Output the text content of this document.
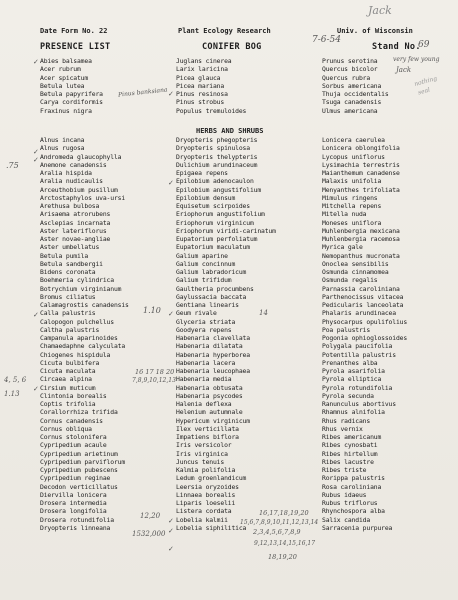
Date Form No. 22	Plant Ecology Research	Univ. of Wisconsin
PRESENCE LIST	CONIFER BOG	Stand No.
Abies balsamea
Acer rubrum
Acer spicatum
Betula lutea
Betula papyrifera
Carya cordiformis
Fraxinus nigra
Juglans cinerea
Larix laricina
Picea glauca
Picea mariana
Pinus resinosa
Pinus strobus
Populus tremuloides
Prunus serotina
Quercus bicolor
Quercus rubra
Sorbus americana
Thuja occidentalis
Tsuga canadensis
Ulmus americana
HERBS AND SHRUBS
Alnus incana
Alnus rugosa
Andromeda glaucophylla
Anemone canadensis
Aralia hispida
Aralia nudicaulis
Arceuthobium pusillum
Arctostaphylos uva-ursi
Arethusa bulbosa
Arisaema atrorubens
Asclepias incarnata
Aster lateriflorus
Aster novae-angliae
Aster umbellatus
Betula pumila
Betula sandbergii
Bidens coronata
Boehmeria cylindrica
Botrychium virginianum
Bromus ciliatus
Calamagrostis canadensis
Calla palustris
Calopogon pulchellus
Caltha palustris
Campanula aparinoides
Chamaedaphne calyculata
Chiogenes hispidula
Cicuta bulbifera
Cicuta maculata
Circaea alpina
Cirsium muticum
Clintonia borealis
Coptis trifolia
Corallorrhiza trifida
Cornus canadensis
Cornus obliqua
Cornus stolonifera
Cypripedium acaule
Cypripedium arietinum
Cypripedium parviflorum
Cypripedium pubescens
Cypripedium reginae
Decodon verticillatus
Diervilla lonicera
Drosera intermedia
Drosera longifolia
Drosera rotundifolia
Dryopteris linneana
Dryopteris phegopteris
Dryopteris spinulosa
Dryopteris thelypteris
Dulichium arundinaceum
Epigaea repens
Epilobium adenocaulon
Epilobium angustifolium
Epilobium densum
Equisetum scirpoides
Eriophorum angustifolium
Eriophorum virginicum
Eriophorum viridi-carinatum
Eupatorium perfoliatum
Eupatorium maculatum
Galium aparine
Galium concinnum
Galium labradoricum
Galium trifidum
Gaultheria procumbens
Gaylussacia baccata
Gentiana linearis
Geum rivale
Glyceria striata
Goodyera repens
Habenaria clavellata
Habenaria dilatata
Habenaria hyperborea
Habenaria lacera
Habenaria leucophaea
Habenaria media
Habenaria obtusata
Habenaria psycodes
Halenia deflexa
Helenium autumnale
Hypericum virginicum
Ilex verticillata
Impatiens biflora
Iris versicolor
Iris virginica
Juncus tenuis
Kalmia polifolia
Ledum groenlandicum
Leersia oryzoides
Linnaea borealis
Liparis loeselii
Listera cordata
Lobelia kalmii
Lobelia siphilitica
Lonicera caerulea
Lonicera oblongifolia
Lycopus uniflorus
Lysimachia terrestris
Maianthemum canadense
Malaxis unifolia
Menyanthes trifoliata
Mimulus ringens
Mitchella repens
Mitella nuda
Moneses uniflora
Muhlenbergia mexicana
Muhlenbergia racemosa
Myrica gale
Nemopanthus mucronata
Onoclea sensibilis
Osmunda cinnamomea
Osmunda regalis
Parnassia caroliniana
Parthenocissus vitacea
Pedicularis lanceolata
Phalaris arundinacea
Physocarpus opulifolius
Poa palustris
Pogonia ophioglossoides
Polygala paucifolia
Potentilla palustris
Prenanthes alba
Pyrola asarifolia
Pyrola elliptica
Pyrola rotundifolia
Pyrola secunda
Ranunculus abortivus
Rhamnus alnifolia
Rhus radicans
Rhus vernix
Ribes americanum
Ribes cynosbati
Ribes hirtellum
Ribes lacustre
Ribes triste
Rorippa palustris
Rosa caroliniana
Rubus idaeus
Rubus triflorus
Rhynchospora alba
Salix candida
Sarracenia purpurea
Jack
7-6-54	69
very few young
Jack
nothing
seal
Pinus banksiana
.75
1.10	14
16 17 18 20
4, 5, 6	7,8,9,10,12,13
1.13
12,20
1532,000
16,17,18,19,20
15,6,7,8,9,10,11,12,13,14
2,3,4,5,6,7,8,9
9,12,13,14,15,16,17
18,19,20
✓
✓
✓
✓
✓
✓
✓
✓
✓
✓
✓
